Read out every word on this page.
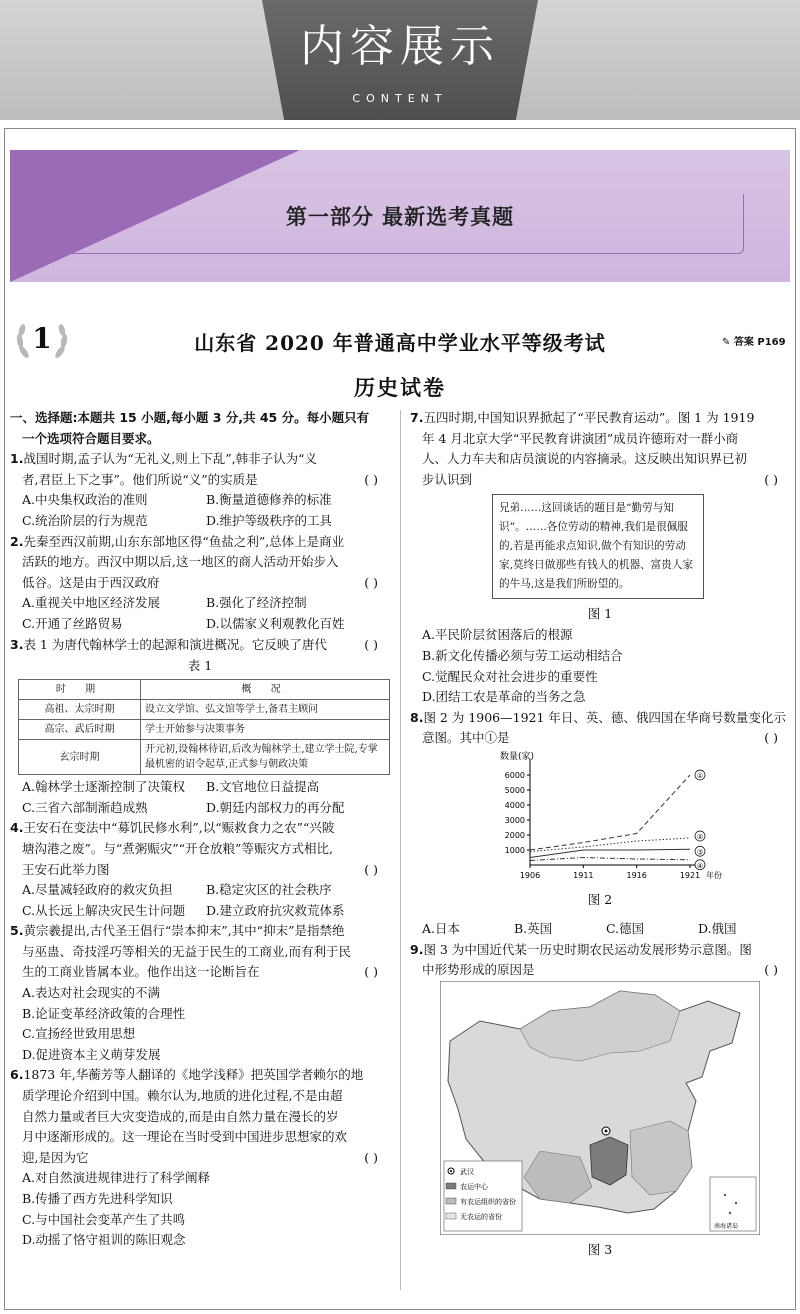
内容展示
CONTENT
第一部分 最新选考真题
1	山东省 2020 年普通高中学业水平等级考试	✎ 答案 P169
历史试卷
一、选择题:本题共 15 小题,每小题 3 分,共 45 分。每小题只有
一个选项符合题目要求。
1.战国时期,孟子认为“无礼义,则上下乱”,韩非子认为“义
者,君臣上下之事”。他们所说“义”的实质是	( )
A.中央集权政治的准则	B.衡量道德修养的标准
C.统治阶层的行为规范	D.维护等级秩序的工具
2.先秦至西汉前期,山东东部地区得“鱼盐之利”,总体上是商业
活跃的地方。西汉中期以后,这一地区的商人活动开始步入
低谷。这是由于西汉政府	( )
A.重视关中地区经济发展	B.强化了经济控制
C.开通了丝路贸易	D.以儒家义利观教化百姓
3.表 1 为唐代翰林学士的起源和演进概况。它反映了唐代	( )
表 1
时 期	概 况
高祖、太宗时期	设立文学馆、弘文馆等学士,备君主顾问
高宗、武后时期	学士开始参与决策事务
玄宗时期	开元初,设翰林待诏,后改为翰林学士,建立学士院,专掌最机密的诏令起草,正式参与朝政决策
A.翰林学士逐渐控制了决策权	B.文官地位日益提高
C.三省六部制渐趋成熟	D.朝廷内部权力的再分配
4.王安石在变法中“募饥民修水利”,以“赈救食力之农”“兴陂
塘沟港之废”。与“煮粥赈灾”“开仓放粮”等赈灾方式相比,
王安石此举力图	( )
A.尽量减轻政府的救灾负担	B.稳定灾区的社会秩序
C.从长远上解决灾民生计问题	D.建立政府抗灾救荒体系
5.黄宗羲提出,古代圣王倡行“崇本抑末”,其中“抑末”是指禁绝
与巫蛊、奇技淫巧等相关的无益于民生的工商业,而有利于民
生的工商业皆属本业。他作出这一论断旨在	( )
A.表达对社会现实的不满
B.论证变革经济政策的合理性
C.宣扬经世致用思想
D.促进资本主义萌芽发展
6.1873 年,华蘅芳等人翻译的《地学浅释》把英国学者赖尔的地
质学理论介绍到中国。赖尔认为,地质的进化过程,不是由超
自然力量或者巨大灾变造成的,而是由自然力量在漫长的岁
月中逐渐形成的。这一理论在当时受到中国进步思想家的欢
迎,是因为它	( )
A.对自然演进规律进行了科学阐释
B.传播了西方先进科学知识
C.与中国社会变革产生了共鸣
D.动摇了恪守祖训的陈旧观念
7.五四时期,中国知识界掀起了“平民教育运动”。图 1 为 1919
年 4 月北京大学“平民教育讲演团”成员许德珩对一群小商
人、人力车夫和店员演说的内容摘录。这反映出知识界已初
步认识到	( )
兄弟……这回谈话的题目是“勤劳与知识”。……各位劳动的精神,我们是很佩服的,若是再能求点知识,做个有知识的劳动家,莫终日做那些有钱人的机器、富贵人家的牛马,这是我们所盼望的。
图 1
A.平民阶层贫困落后的根源
B.新文化传播必须与劳工运动相结合
C.觉醒民众对社会进步的重要性
D.团结工农是革命的当务之急
8.图 2 为 1906—1921 年日、英、德、俄四国在华商号数量变化示
意图。其中①是	( )
数量(家)
1000
2000
3000
4000
5000
6000
1906	1911	1916	1921 年份
①
②
③
④
图 2
A.日本	B.英国	C.德国	D.俄国
9.图 3 为中国近代某一历史时期农民运动发展形势示意图。图
中形势形成的原因是	( )
武汉
农运中心
有农运组织的省份
无农运的省份
南海诸岛
图 3
